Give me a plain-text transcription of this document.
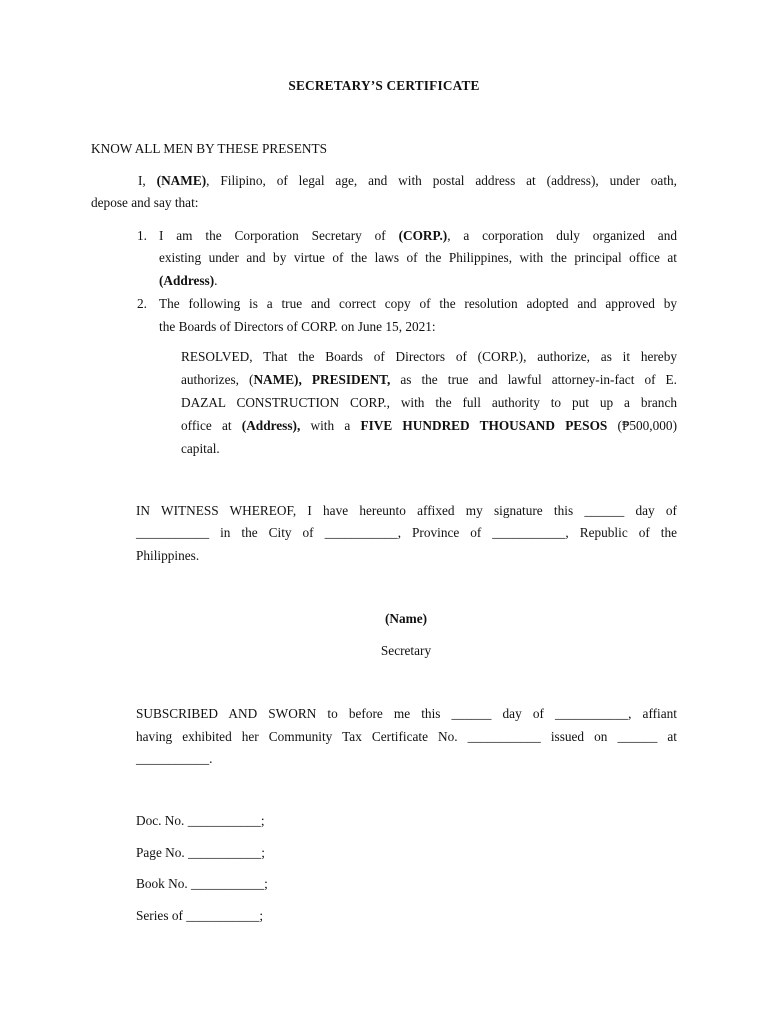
SECRETARY’S CERTIFICATE

KNOW ALL MEN BY THESE PRESENTS

I, (NAME), Filipino, of legal age, and with postal address at (address), under oath,

depose and say that:

1. I am the Corporation Secretary of (CORP.), a corporation duly organized and

existing under and by virtue of the laws of the Philippines, with the principal office at

(Address).

2. The following is a true and correct copy of the resolution adopted and approved by

the Boards of Directors of CORP. on June 15, 2021:

RESOLVED, That the Boards of Directors of (CORP.), authorize, as it hereby

authorizes, (NAME), PRESIDENT, as the true and lawful attorney-in-fact of E.

DAZAL CONSTRUCTION CORP., with the full authority to put up a branch

office at (Address), with a FIVE HUNDRED THOUSAND PESOS (₱500,000)

capital.

IN WITNESS WHEREOF, I have hereunto affixed my signature this ______ day of

___________ in the City of ___________, Province of ___________, Republic of the

Philippines.

(Name)

Secretary

SUBSCRIBED AND SWORN to before me this ______ day of ___________, affiant

having exhibited her Community Tax Certificate No. ___________ issued on ______ at

___________.

Doc. No. ___________;

Page No. ___________;

Book No. ___________;

Series of ___________;
